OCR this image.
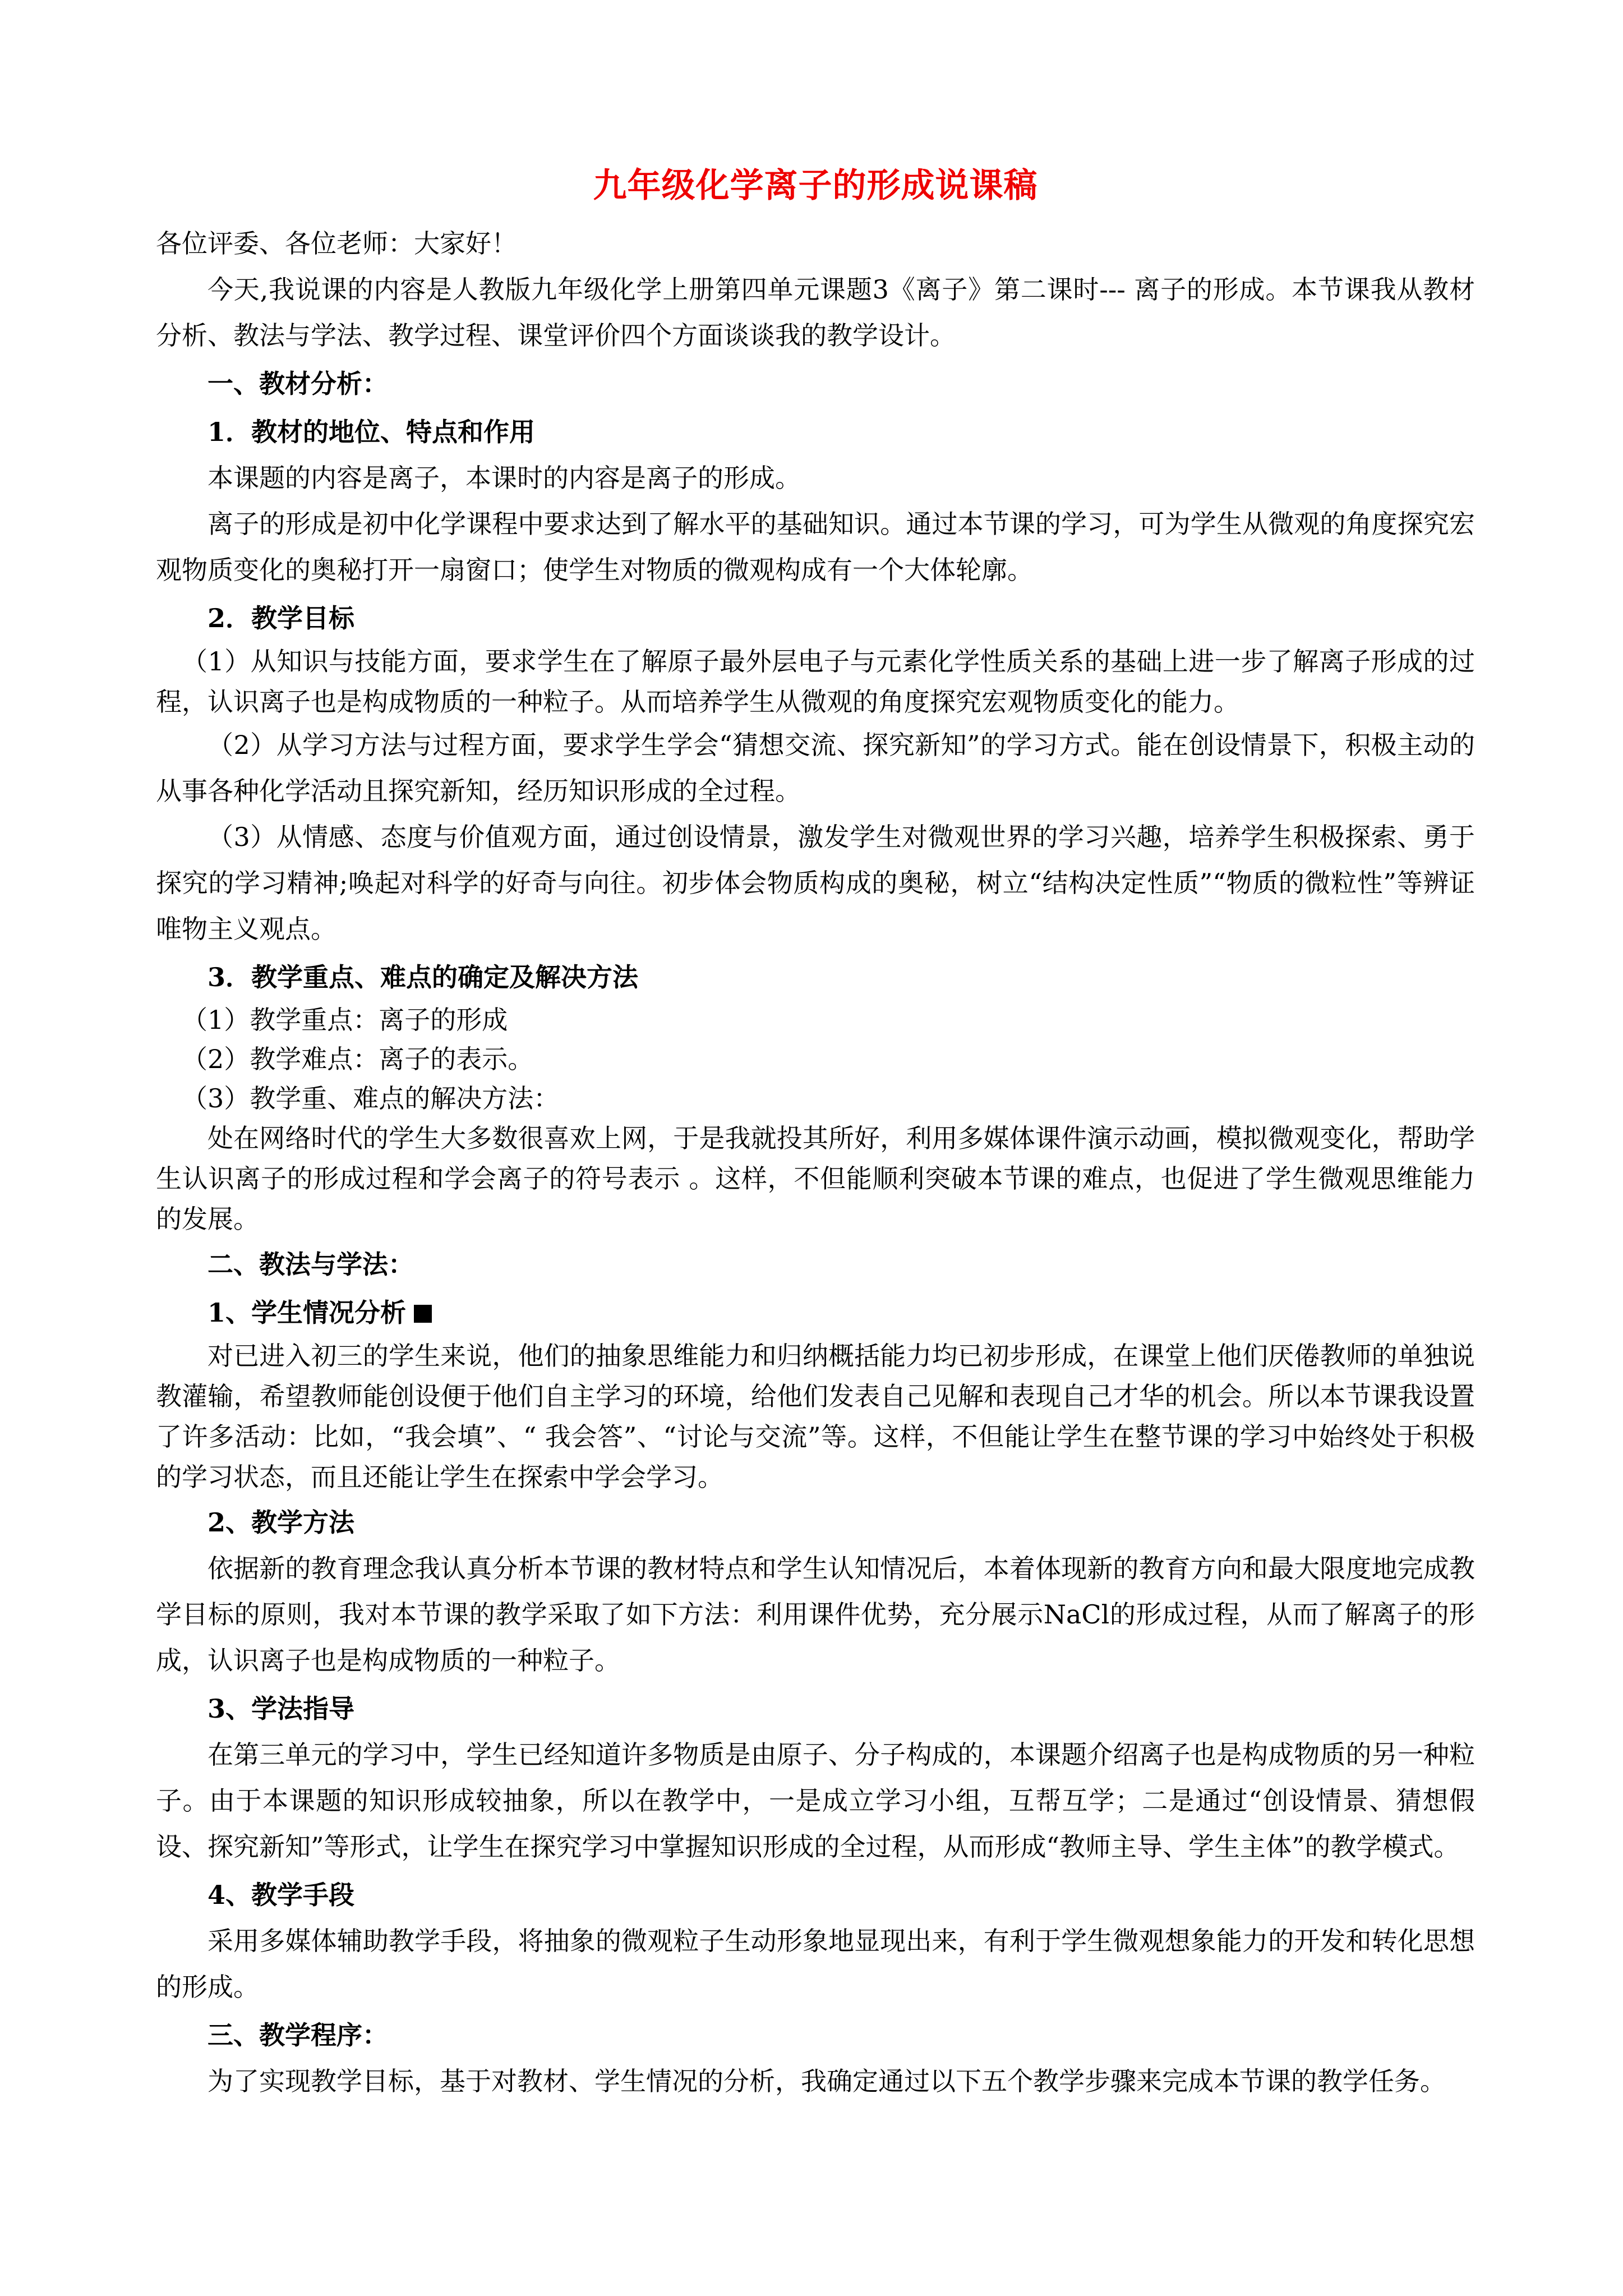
九年级化学离子的形成说课稿

各位评委、各位老师：大家好！

今天,我说课的内容是人教版九年级化学上册第四单元课题3《离子》第二课时--- 离子的形成。本节课我从教材分析、教法与学法、教学过程、课堂评价四个方面谈谈我的教学设计。

一、教材分析：

1．教材的地位、特点和作用

本课题的内容是离子，本课时的内容是离子的形成。

离子的形成是初中化学课程中要求达到了解水平的基础知识。通过本节课的学习，可为学生从微观的角度探究宏观物质变化的奥秘打开一扇窗口；使学生对物质的微观构成有一个大体轮廓。

2．教学目标

（1）从知识与技能方面，要求学生在了解原子最外层电子与元素化学性质关系的基础上进一步了解离子形成的过程，认识离子也是构成物质的一种粒子。从而培养学生从微观的角度探究宏观物质变化的能力。

（2）从学习方法与过程方面，要求学生学会“猜想交流、探究新知”的学习方式。能在创设情景下，积极主动的从事各种化学活动且探究新知，经历知识形成的全过程。

（3）从情感、态度与价值观方面，通过创设情景，激发学生对微观世界的学习兴趣，培养学生积极探索、勇于探究的学习精神;唤起对科学的好奇与向往。初步体会物质构成的奥秘，树立“结构决定性质”“物质的微粒性”等辨证唯物主义观点。

3．教学重点、难点的确定及解决方法

（1）教学重点：离子的形成

（2）教学难点：离子的表示。

（3）教学重、难点的解决方法：

处在网络时代的学生大多数很喜欢上网，于是我就投其所好，利用多媒体课件演示动画，模拟微观变化，帮助学生认识离子的形成过程和学会离子的符号表示 。这样，不但能顺利突破本节课的难点，也促进了学生微观思维能力的发展。

二、教法与学法：

1、学生情况分析

对已进入初三的学生来说，他们的抽象思维能力和归纳概括能力均已初步形成，在课堂上他们厌倦教师的单独说教灌输，希望教师能创设便于他们自主学习的环境，给他们发表自己见解和表现自己才华的机会。所以本节课我设置了许多活动：比如，“我会填”、“ 我会答”、“讨论与交流”等。这样，不但能让学生在整节课的学习中始终处于积极的学习状态，而且还能让学生在探索中学会学习。

2、教学方法

依据新的教育理念我认真分析本节课的教材特点和学生认知情况后，本着体现新的教育方向和最大限度地完成教学目标的原则，我对本节课的教学采取了如下方法：利用课件优势，充分展示NaCl的形成过程，从而了解离子的形成，认识离子也是构成物质的一种粒子。

3、学法指导

在第三单元的学习中，学生已经知道许多物质是由原子、分子构成的，本课题介绍离子也是构成物质的另一种粒子。由于本课题的知识形成较抽象，所以在教学中，一是成立学习小组，互帮互学；二是通过“创设情景、猜想假设、探究新知”等形式，让学生在探究学习中掌握知识形成的全过程，从而形成“教师主导、学生主体”的教学模式。

4、教学手段

采用多媒体辅助教学手段，将抽象的微观粒子生动形象地显现出来，有利于学生微观想象能力的开发和转化思想的形成。

三、教学程序：

为了实现教学目标，基于对教材、学生情况的分析，我确定通过以下五个教学步骤来完成本节课的教学任务。
